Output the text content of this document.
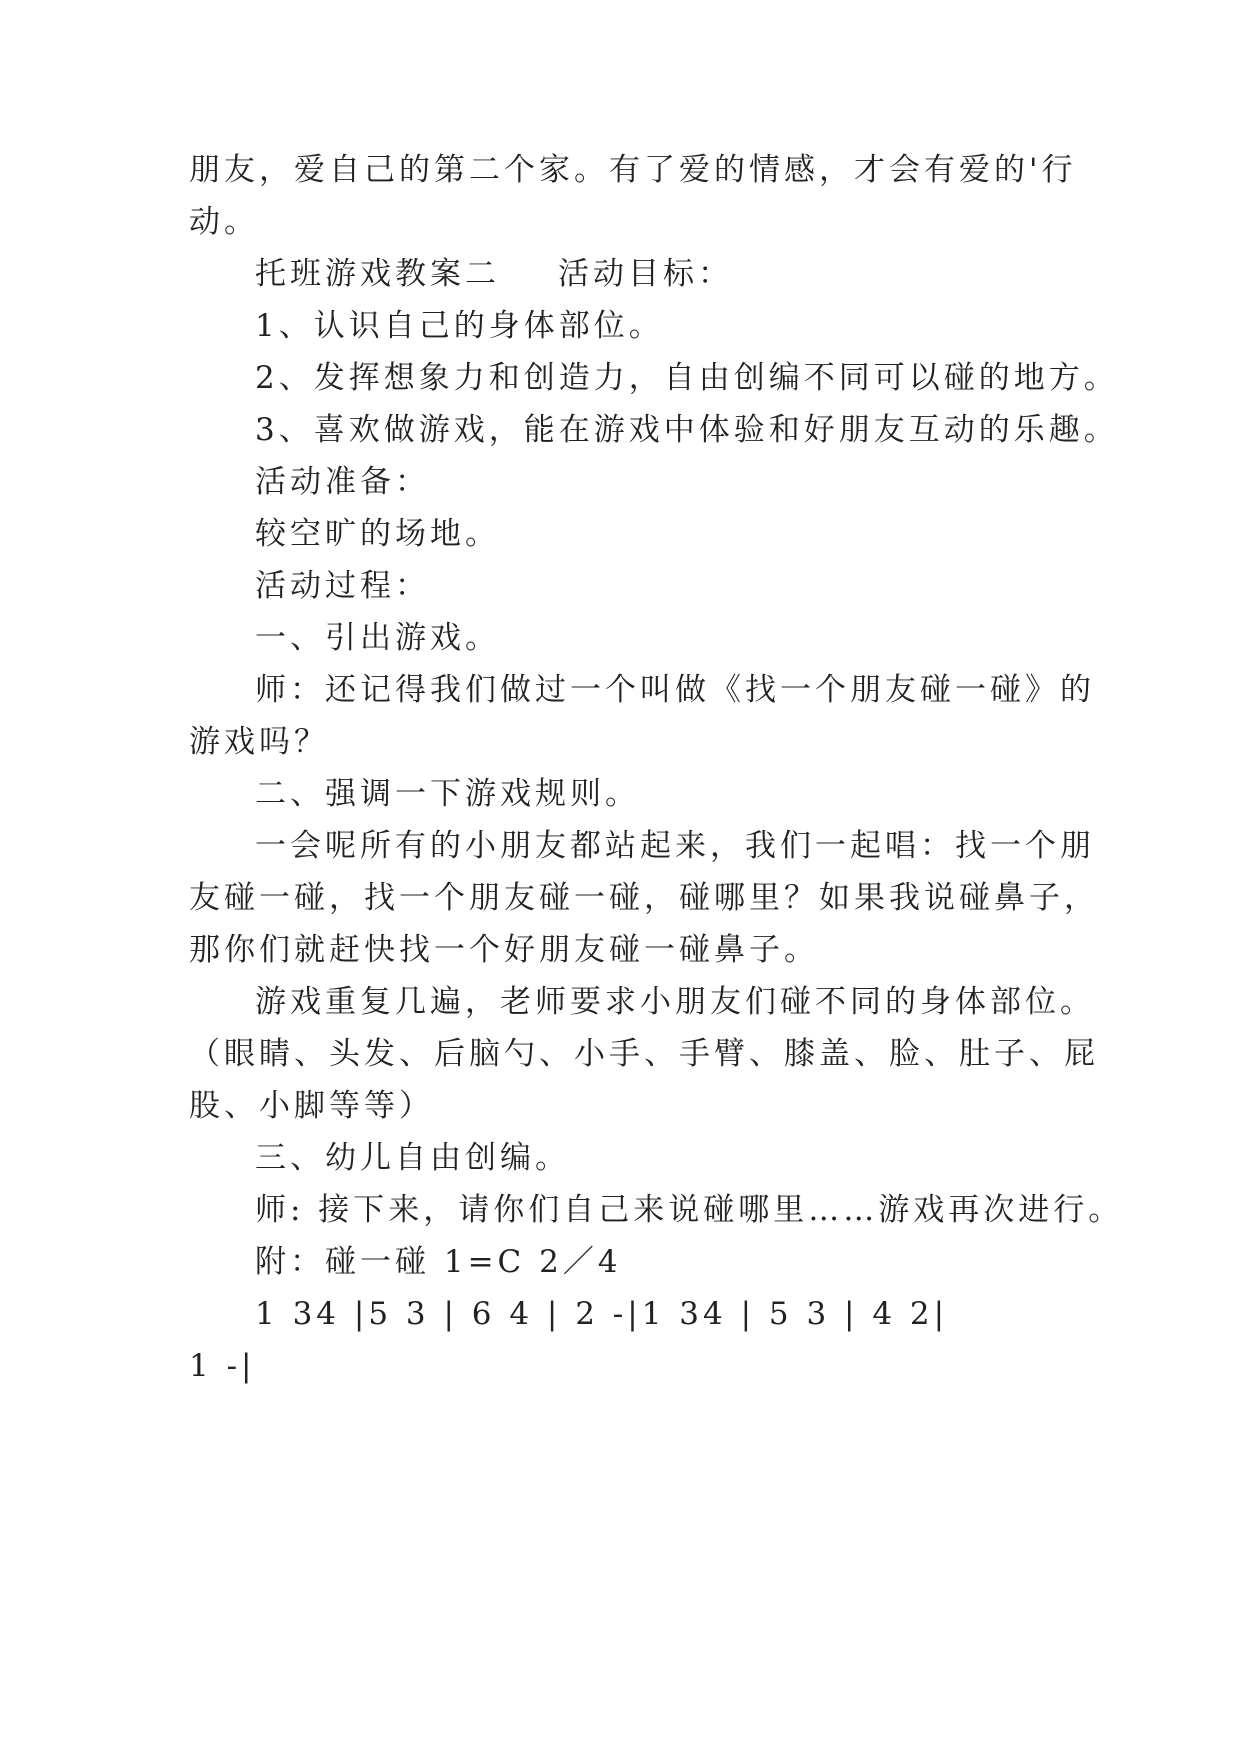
朋友，爱自己的第二个家。有了爱的情感，才会有爱的'行

动。

托班游戏教案二 活动目标：

1、认识自己的身体部位。

2、发挥想象力和创造力，自由创编不同可以碰的地方。

3、喜欢做游戏，能在游戏中体验和好朋友互动的乐趣。

活动准备：

较空旷的场地。

活动过程：

一、引出游戏。

师：还记得我们做过一个叫做《找一个朋友碰一碰》的

游戏吗？

二、强调一下游戏规则。

一会呢所有的小朋友都站起来，我们一起唱：找一个朋

友碰一碰，找一个朋友碰一碰，碰哪里？如果我说碰鼻子，

那你们就赶快找一个好朋友碰一碰鼻子。

游戏重复几遍，老师要求小朋友们碰不同的身体部位。

（眼睛、头发、后脑勺、小手、手臂、膝盖、脸、肚子、屁

股、小脚等等）

三、幼儿自由创编。

师: 接下来，请你们自己来说碰哪里……游戏再次进行。

附：碰一碰 1=C 2／4

1 34 |5 3 | 6 4 | 2 -|1 34 | 5 3 | 4 2|

1 -|
